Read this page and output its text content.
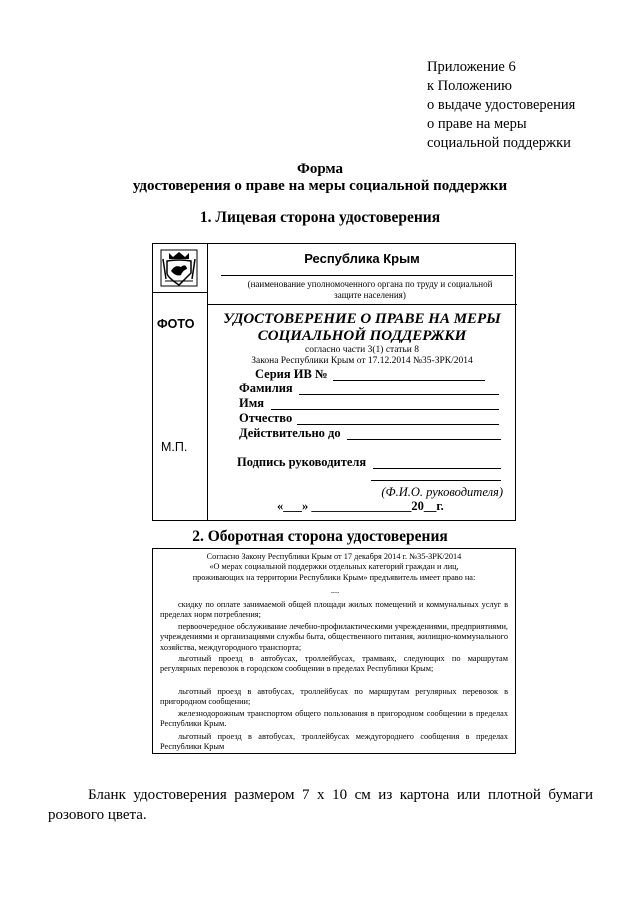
Приложение 6
к Положению
о выдаче удостоверения
о праве на меры
социальной поддержки
Форма
удостоверения о праве на меры социальной поддержки
1. Лицевая сторона удостоверения
ФОТО
М.П.
Республика Крым
(наименование уполномоченного органа по труду и социальной
защите населения)
УДОСТОВЕРЕНИЕ О ПРАВЕ НА МЕРЫ
СОЦИАЛЬНОЙ ПОДДЕРЖКИ
согласно части 3(1) статьи 8
Закона Республики Крым от 17.12.2014 №35-ЗРК/2014
Серия ИВ №
Фамилия
Имя
Отчество
Действительно до
Подпись руководителя
(Ф.И.О. руководителя)
«___» ________________20__г.
2. Оборотная сторона удостоверения
Согласно Закону Республики Крым от 17 декабря 2014 г. №35-ЗРК/2014
«О мерах социальной поддержки отдельных категорий граждан и лиц,
проживающих на территории Республики Крым» предъявитель имеет право на:
....
скидку по оплате занимаемой общей площади жилых помещений и коммунальных услуг в пределах норм потребления;
первоочередное обслуживание лечебно-профилактическими учреждениями, предприятиями, учреждениями и организациями службы быта, общественного питания, жилищно-коммунального хозяйства, междугородного транспорта;
льготный проезд в автобусах, троллейбусах, трамваях, следующих по маршрутам регулярных перевозок в городском сообщении в пределах Республики Крым;
льготный проезд в автобусах, троллейбусах по маршрутам регулярных перевозок в пригородном сообщении;
железнодорожным транспортом общего пользования в пригородном сообщении в пределах Республики Крым.
льготный проезд в автобусах, троллейбусах междугороднего сообщения в пределах Республики Крым
Бланк удостоверения размером 7 х 10 см из картона или плотной бумаги розового цвета.
